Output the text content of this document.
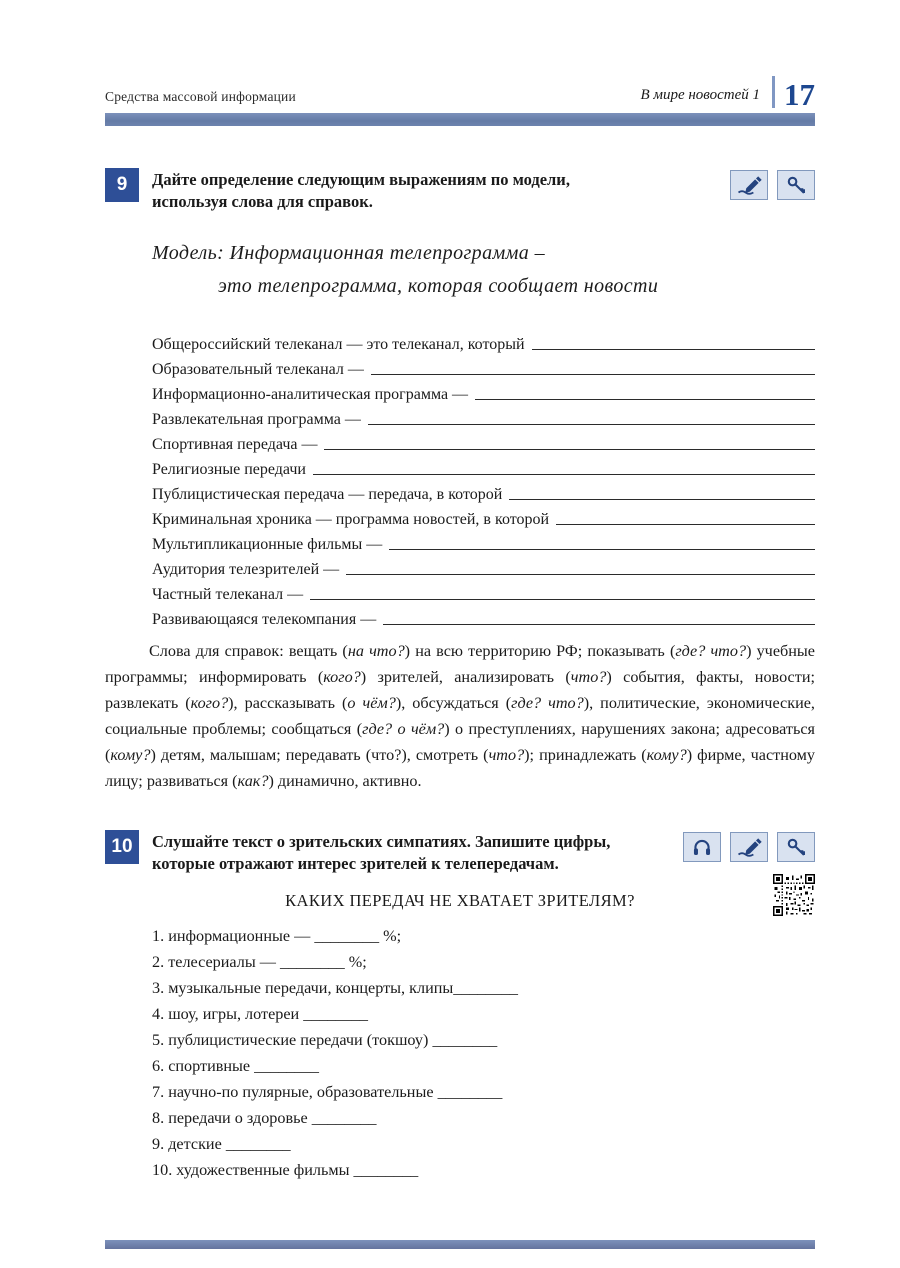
Средства массовой информации	В мире новостей 1 17
9	Дайте определение следующим выражениям по модели,
используя слова для справок.
Модель: Информационная телепрограмма –
это телепрограмма, которая сообщает новости
Общероссийский телеканал — это телеканал, который
Образовательный телеканал —
Информационно-аналитическая программа —
Развлекательная программа —
Спортивная передача —
Религиозные передачи
Публицистическая передача — передача, в которой
Криминальная хроника — программа новостей, в которой
Мультипликационные фильмы —
Аудитория телезрителей —
Частный телеканал —
Развивающаяся телекомпания —

Слова для справок: вещать (на что?) на всю территорию РФ; показывать (где? что?) учебные программы; информировать (кого?) зрителей, анализировать (что?) события, факты, новости; развлекать (кого?), рассказывать (о чём?), обсуждаться (где? что?), политические, экономические, социальные проблемы; сообщаться (где? о чём?) о преступлениях, нарушениях закона; адресоваться (кому?) детям, малышам; передавать (что?), смотреть (что?); принадлежать (кому?) фирме, частному лицу; развиваться (как?) динамично, активно.

10	Слушайте текст о зрительских симпатиях. Запишите цифры,
которые отражают интерес зрителей к телепередачам.
КАКИХ ПЕРЕДАЧ НЕ ХВАТАЕТ ЗРИТЕЛЯМ?

1. информационные — ________ %;

2. телесериалы — ________ %;

3. музыкальные передачи, концерты, клипы________

4. шоу, игры, лотереи ________

5. публицистические передачи (токшоу) ________

6. спортивные ________

7. научно-по пулярные, образовательные ________

8. передачи о здоровье ________

9. детские ________

10. художественные фильмы ________
